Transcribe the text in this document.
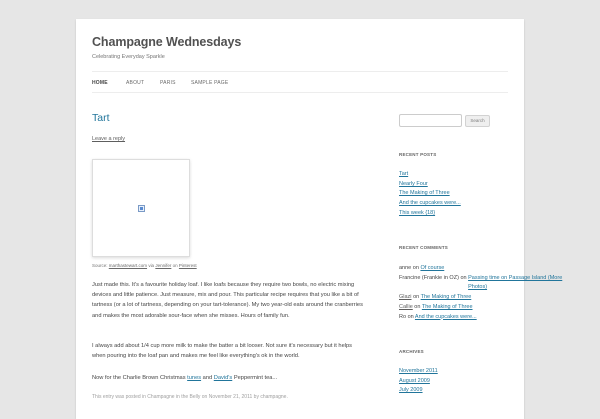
Champagne Wednesdays
Celebrating Everyday Sparkle
HOME	ABOUT	PARIS	SAMPLE PAGE
Tart
Leave a reply
Source: marthastewart.com via Jennifer on Pinterest
Just made this. It's a favourite holiday loaf. I like loafs because they require two bowls, no electric mixing devices and little patience. Just measure, mix and pour. This particular recipe requires that you like a bit of tartness (or a lot of tartness, depending on your tart-tolerance). My two year-old eats around the cranberries and makes the most adorable sour-face when she misses. Hours of family fun.
I always add about 1/4 cup more milk to make the batter a bit looser. Not sure it's necessary but it helps when pouring into the loaf pan and makes me feel like everything's ok in the world.
Now for the Charlie Brown Christmas tunes and David's Peppermint tea...
This entry was posted in Champagne in the Belly on November 21, 2011 by champagne.
Search
RECENT POSTS
Tart
Nearly Four
The Making of Three
And the cupcakes were...
This week {18}
RECENT COMMENTS
anne on Of course
Francine (Frankie in OZ) on Passing time on Passage Island (More Photos)
Glazi on The Making of Three
Callie on The Making of Three
Ro on And the cupcakes were...
ARCHIVES
November 2011
August 2009
July 2009
